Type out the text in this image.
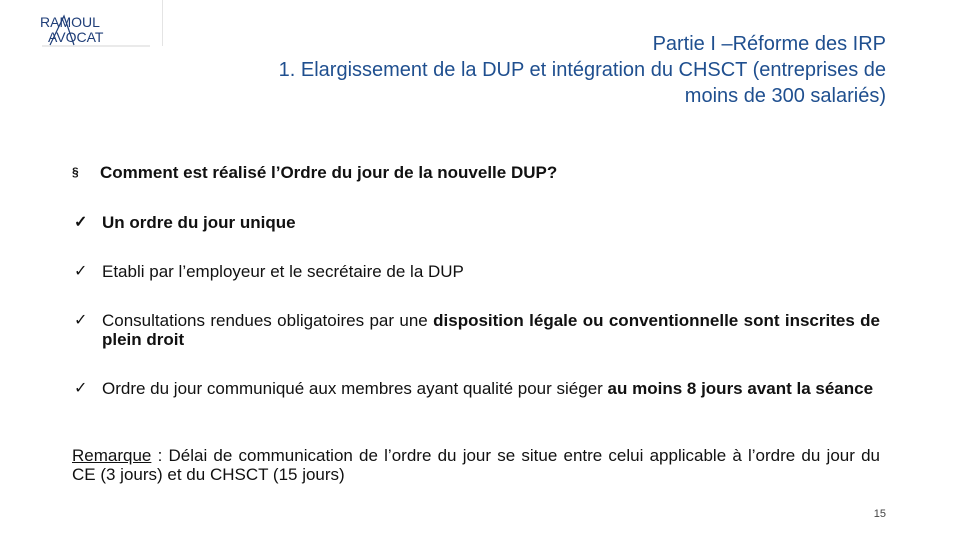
RAMOUL
AVOCAT	Partie I –Réforme des IRP
1. Elargissement de la DUP et intégration du CHSCT (entreprises de
moins de 300 salariés)
§ Comment est réalisé l’Ordre du jour de la nouvelle DUP?
✓ Un ordre du jour unique
✓ Etabli par l’employeur et le secrétaire de la DUP
✓ Consultations rendues obligatoires par une disposition légale ou conventionnelle sont inscrites de plein droit
✓ Ordre du jour communiqué aux membres ayant qualité pour siéger au moins 8 jours avant la séance
Remarque : Délai de communication de l’ordre du jour se situe entre celui applicable à l’ordre du jour du CE (3 jours) et du CHSCT (15 jours)
15
